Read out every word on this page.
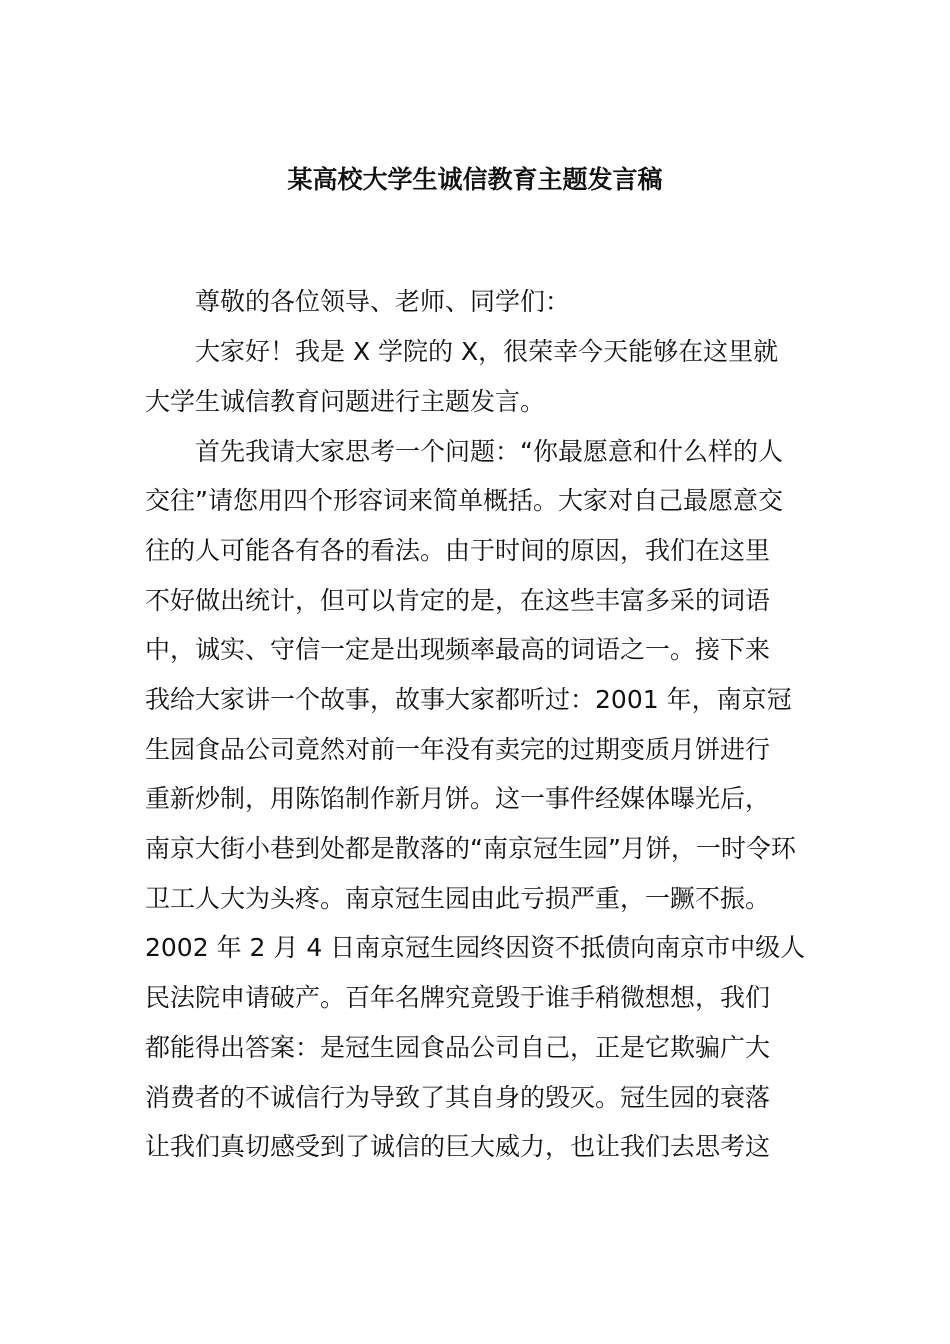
某高校大学生诚信教育主题发言稿

尊敬的各位领导、老师、同学们：

大家好！我是 X 学院的 X，很荣幸今天能够在这里就

大学生诚信教育问题进行主题发言。

首先我请大家思考一个问题：“你最愿意和什么样的人

交往”请您用四个形容词来简单概括。大家对自己最愿意交

往的人可能各有各的看法。由于时间的原因，我们在这里

不好做出统计，但可以肯定的是，在这些丰富多采的词语

中，诚实、守信一定是出现频率最高的词语之一。接下来

我给大家讲一个故事，故事大家都听过：2001 年，南京冠

生园食品公司竟然对前一年没有卖完的过期变质月饼进行

重新炒制，用陈馅制作新月饼。这一事件经媒体曝光后，

南京大街小巷到处都是散落的“南京冠生园”月饼，一时令环

卫工人大为头疼。南京冠生园由此亏损严重，一蹶不振。

2002 年 2 月 4 日南京冠生园终因资不抵债向南京市中级人

民法院申请破产。百年名牌究竟毁于谁手稍微想想，我们

都能得出答案：是冠生园食品公司自己，正是它欺骗广大

消费者的不诚信行为导致了其自身的毁灭。冠生园的衰落

让我们真切感受到了诚信的巨大威力，也让我们去思考这
